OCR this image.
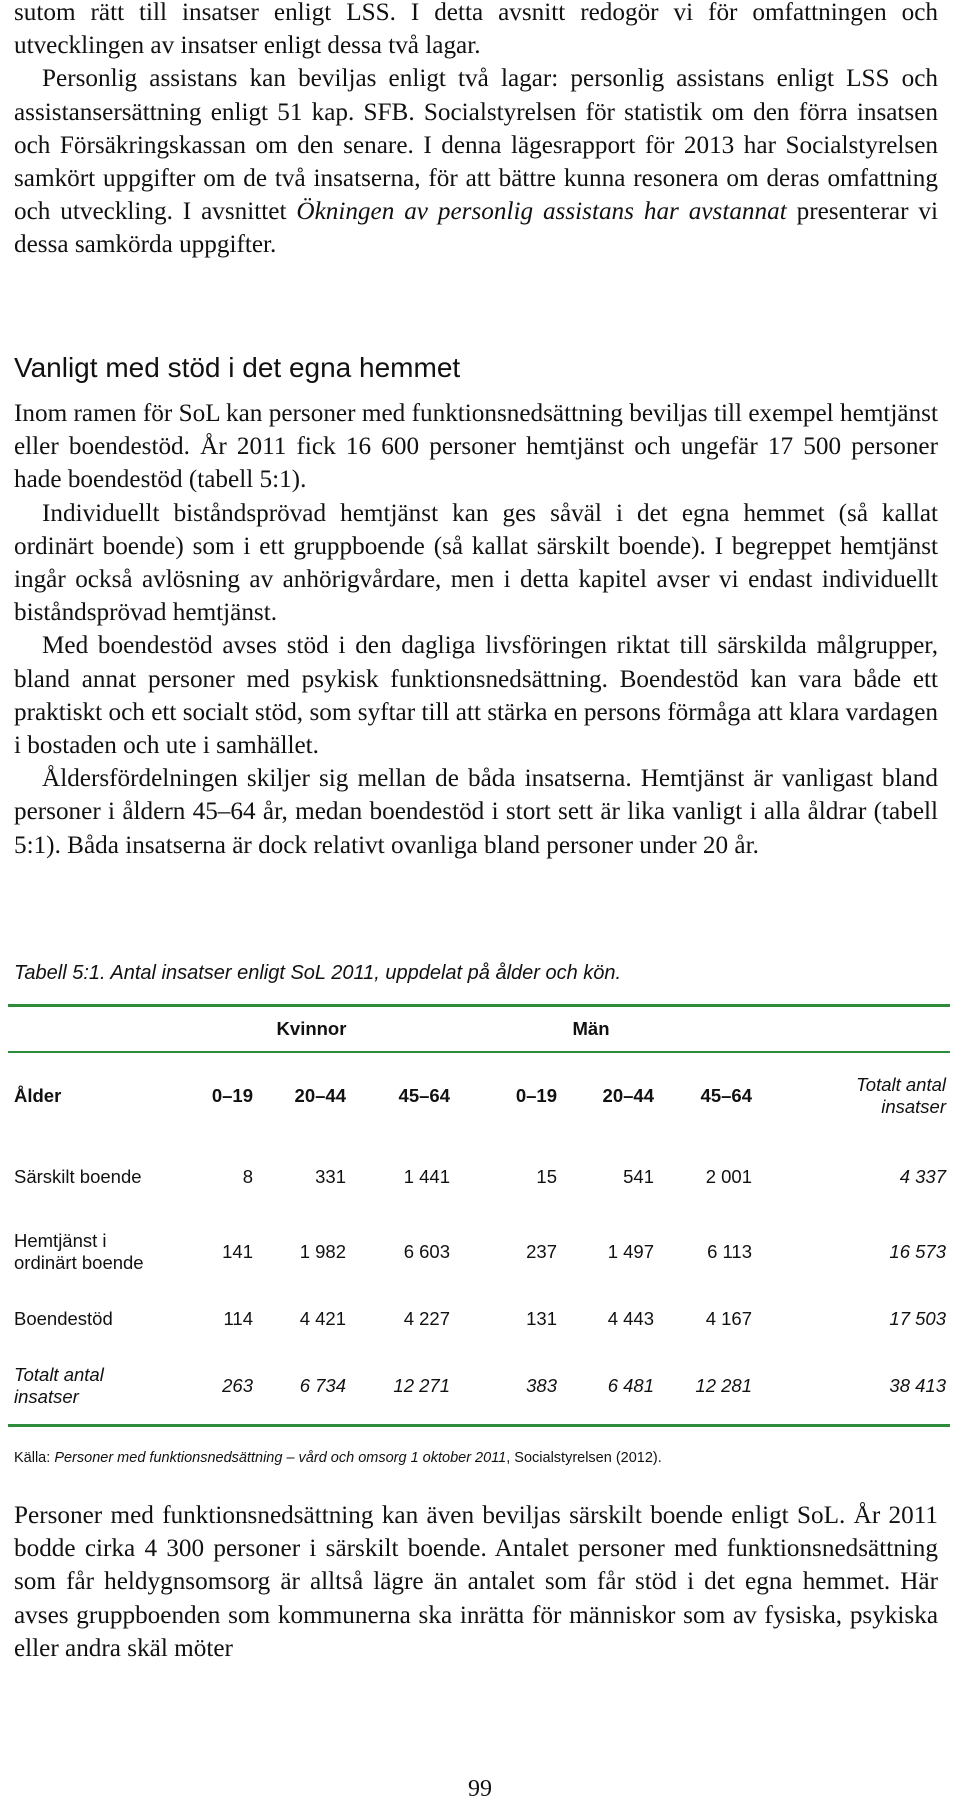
sutom rätt till insatser enligt LSS. I detta avsnitt redogör vi för omfattningen och utvecklingen av insatser enligt dessa två lagar.

Personlig assistans kan beviljas enligt två lagar: personlig assistans enligt LSS och assistansersättning enligt 51 kap. SFB. Socialstyrelsen för statistik om den förra insatsen och Försäkringskassan om den senare. I denna lägesrapport för 2013 har Socialstyrelsen samkört uppgifter om de två insatserna, för att bättre kunna resonera om deras omfattning och utveckling. I avsnittet Ökningen av personlig assistans har avstannat presenterar vi dessa samkörda uppgifter.

Vanligt med stöd i det egna hemmet

Inom ramen för SoL kan personer med funktionsnedsättning beviljas till exempel hemtjänst eller boendestöd. År 2011 fick 16 600 personer hemtjänst och ungefär 17 500 personer hade boendestöd (tabell 5:1).

Individuellt biståndsprövad hemtjänst kan ges såväl i det egna hemmet (så kallat ordinärt boende) som i ett gruppboende (så kallat särskilt boende). I begreppet hemtjänst ingår också avlösning av anhörigvårdare, men i detta kapitel avser vi endast individuellt biståndsprövad hemtjänst.

Med boendestöd avses stöd i den dagliga livsföringen riktat till särskilda målgrupper, bland annat personer med psykisk funktionsnedsättning. Boendestöd kan vara både ett praktiskt och ett socialt stöd, som syftar till att stärka en persons förmåga att klara vardagen i bostaden och ute i samhället.

Åldersfördelningen skiljer sig mellan de båda insatserna. Hemtjänst är vanligast bland personer i åldern 45–64 år, medan boendestöd i stort sett är lika vanligt i alla åldrar (tabell 5:1). Båda insatserna är dock relativt ovanliga bland personer under 20 år.

Tabell 5:1. Antal insatser enligt SoL 2011, uppdelat på ålder och kön.

	Kvinnor			Män			
Ålder	0–19	20–44	45–64	0–19	20–44	45–64	Totalt antal insatser
Särskilt boende	8	331	1 441	15	541	2 001	4 337
Hemtjänst i ordinärt boende	141	1 982	6 603	237	1 497	6 113	16 573
Boendestöd	114	4 421	4 227	131	4 443	4 167	17 503
Totalt antal insatser	263	6 734	12 271	383	6 481	12 281	38 413

Källa: Personer med funktionsnedsättning – vård och omsorg 1 oktober 2011, Socialstyrelsen (2012).

Personer med funktionsnedsättning kan även beviljas särskilt boende enligt SoL. År 2011 bodde cirka 4 300 personer i särskilt boende. Antalet personer med funktionsnedsättning som får heldygnsomsorg är alltså lägre än antalet som får stöd i det egna hemmet. Här avses gruppboenden som kommunerna ska inrätta för människor som av fysiska, psykiska eller andra skäl möter

99
